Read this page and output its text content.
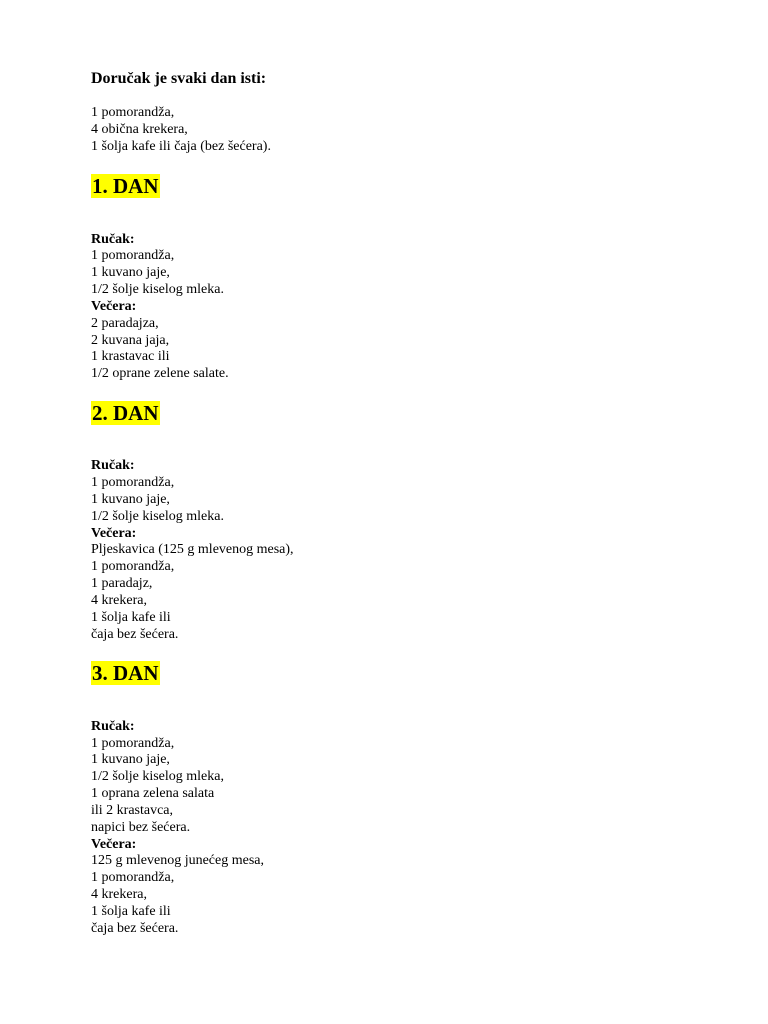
Doručak je svaki dan isti:
1 pomorandža,
4 obična krekera,
1 šolja kafe ili čaja (bez šećera).
1. DAN
Ručak:
1 pomorandža,
1 kuvano jaje,
1/2 šolje kiselog mleka.
Večera:
2 paradajza,
2 kuvana jaja,
1 krastavac ili
1/2 oprane zelene salate.
2. DAN
Ručak:
1 pomorandža,
1 kuvano jaje,
1/2 šolje kiselog mleka.
Večera:
Pljeskavica (125 g mlevenog mesa),
1 pomorandža,
1 paradajz,
4 krekera,
1 šolja kafe ili
čaja bez šećera.
3. DAN
Ručak:
1 pomorandža,
1 kuvano jaje,
1/2 šolje kiselog mleka,
1 oprana zelena salata
ili 2 krastavca,
napici bez šećera.
Večera:
125 g mlevenog junećeg mesa,
1 pomorandža,
4 krekera,
1 šolja kafe ili
čaja bez šećera.
